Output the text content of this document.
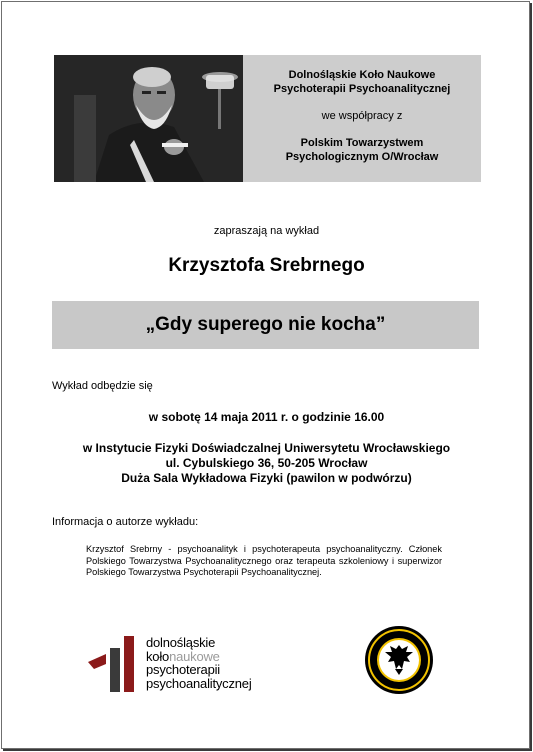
Dolnośląskie Koło Naukowe
Psychoterapii Psychoanalitycznej
we współpracy z
Polskim Towarzystwem
Psychologicznym O/Wrocław
zapraszają na wykład
Krzysztofa Srebrnego
„Gdy superego nie kocha”
Wykład odbędzie się
w sobotę 14 maja 2011 r. o godzinie 16.00
w Instytucie Fizyki Doświadczalnej Uniwersytetu Wrocławskiego
ul. Cybulskiego 36, 50-205 Wrocław
Duża Sala Wykładowa Fizyki (pawilon w podwórzu)
Informacja o autorze wykładu:
Krzysztof Srebrny - psychoanalityk i psychoterapeuta psychoanalityczny. Członek Polskiego Towarzystwa Psychoanalitycznego oraz terapeuta szkoleniowy i superwizor Polskiego Towarzystwa Psychoterapii Psychoanalitycznej.
dolnośląskie
kołonaukowe
psychoterapii
psychoanalitycznej
